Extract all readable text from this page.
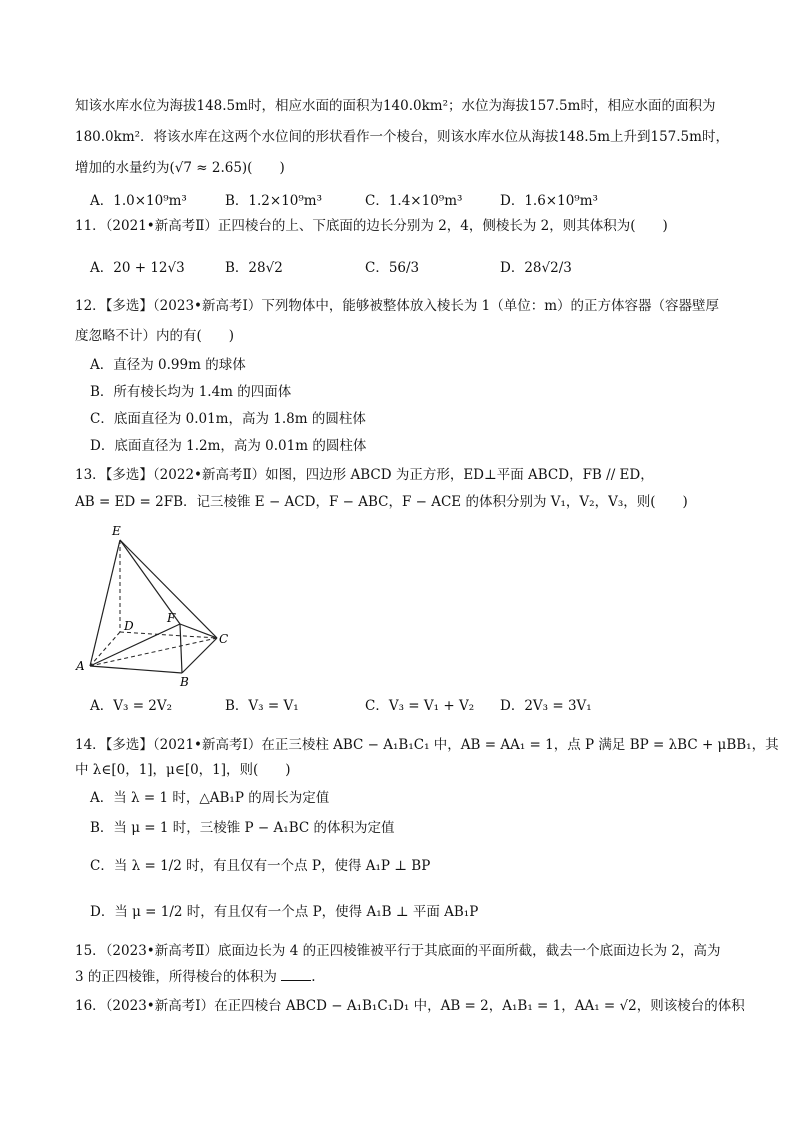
知该水库水位为海拔148.5m时，相应水面的面积为140.0km²；水位为海拔157.5m时，相应水面的面积为
180.0km²．将该水库在这两个水位间的形状看作一个棱台，则该水库水位从海拔148.5m上升到157.5m时，
增加的水量约为(√7 ≈ 2.65)(　　)
A．1.0×10⁹m³	B．1.2×10⁹m³	C．1.4×10⁹m³	D．1.6×10⁹m³
11．（2021•新高考Ⅱ）正四棱台的上、下底面的边长分别为 2，4，侧棱长为 2，则其体积为(　　)
A．20 + 12√3	B．28√2	C．56/3	D．28√2/3
12．【多选】（2023•新高考Ⅰ）下列物体中，能够被整体放入棱长为 1（单位：m）的正方体容器（容器壁厚
度忽略不计）内的有(　　)
A．直径为 0.99m 的球体
B．所有棱长均为 1.4m 的四面体
C．底面直径为 0.01m，高为 1.8m 的圆柱体
D．底面直径为 1.2m，高为 0.01m 的圆柱体
13．【多选】（2022•新高考Ⅱ）如图，四边形 ABCD 为正方形，ED⊥平面 ABCD，FB // ED，
AB = ED = 2FB．记三棱锥 E − ACD，F − ABC，F − ACE 的体积分别为 V₁，V₂，V₃，则(　　)
E
D
F
C
A
B
A．V₃ = 2V₂	B．V₃ = V₁	C．V₃ = V₁ + V₂ D．2V₃ = 3V₁
14．【多选】（2021•新高考Ⅰ）在正三棱柱 ABC − A₁B₁C₁ 中，AB = AA₁ = 1，点 P 满足 BP = λBC + μBB₁，其
中 λ∈[0，1]，μ∈[0，1]，则(　　)
A．当 λ = 1 时，△AB₁P 的周长为定值
B．当 μ = 1 时，三棱锥 P − A₁BC 的体积为定值
C．当 λ = 1/2 时，有且仅有一个点 P，使得 A₁P ⊥ BP
D．当 μ = 1/2 时，有且仅有一个点 P，使得 A₁B ⊥ 平面 AB₁P
15．（2023•新高考Ⅱ）底面边长为 4 的正四棱锥被平行于其底面的平面所截，截去一个底面边长为 2，高为
3 的正四棱锥，所得棱台的体积为	.
16．（2023•新高考Ⅰ）在正四棱台 ABCD − A₁B₁C₁D₁ 中，AB = 2，A₁B₁ = 1，AA₁ = √2，则该棱台的体积
